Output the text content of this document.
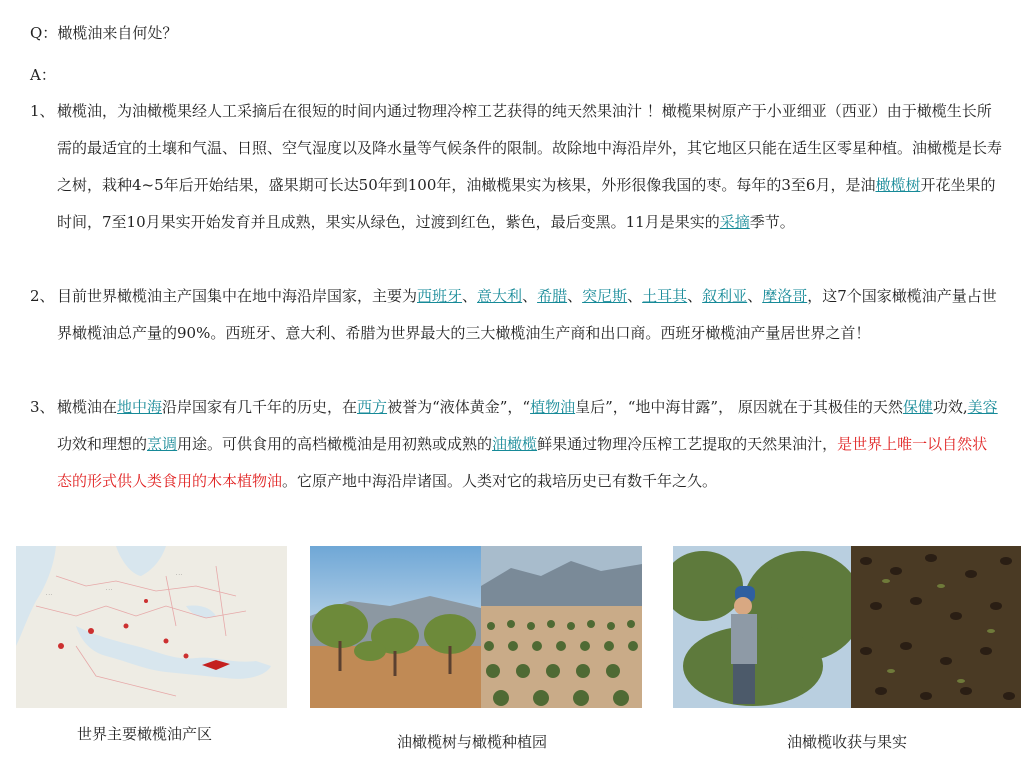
Q：橄榄油来自何处？
A：
1、 橄榄油，为油橄榄果经人工采摘后在很短的时间内通过物理冷榨工艺获得的纯天然果油汁 ！橄榄果树原产于小亚细亚（西亚）由于橄榄生长所需的最适宜的土壤和气温、日照、空气湿度以及降水量等气候条件的限制。故除地中海沿岸外，其它地区只能在适生区零星种植。油橄榄是长寿之树，栽种4~5年后开始结果，盛果期可长达50年到100年，油橄榄果实为核果，外形很像我国的枣。每年的3至6月，是油橄榄树开花坐果的时间，7至10月果实开始发育并且成熟，果实从绿色，过渡到红色，紫色，最后变黑。11月是果实的采摘季节。
2、 目前世界橄榄油主产国集中在地中海沿岸国家，主要为西班牙、意大利、希腊、突尼斯、土耳其、叙利亚、摩洛哥，这7个国家橄榄油产量占世界橄榄油总产量的90%。西班牙、意大利、希腊为世界最大的三大橄榄油生产商和出口商。西班牙橄榄油产量居世界之首！
3、 橄榄油在地中海沿岸国家有几千年的历史，在西方被誉为“液体黄金”，“植物油皇后”，“地中海甘露”， 原因就在于其极佳的天然保健功效,美容功效和理想的烹调用途。可供食用的高档橄榄油是用初熟或成熟的油橄榄鲜果通过物理冷压榨工艺提取的天然果油汁，是世界上唯一以自然状态的形式供人类食用的木本植物油。它原产地中海沿岸诸国。人类对它的栽培历史已有数千年之久。
· · ·
· · ·
· · ·
世界主要橄榄油产区	油橄榄树与橄榄种植园	油橄榄收获与果实
